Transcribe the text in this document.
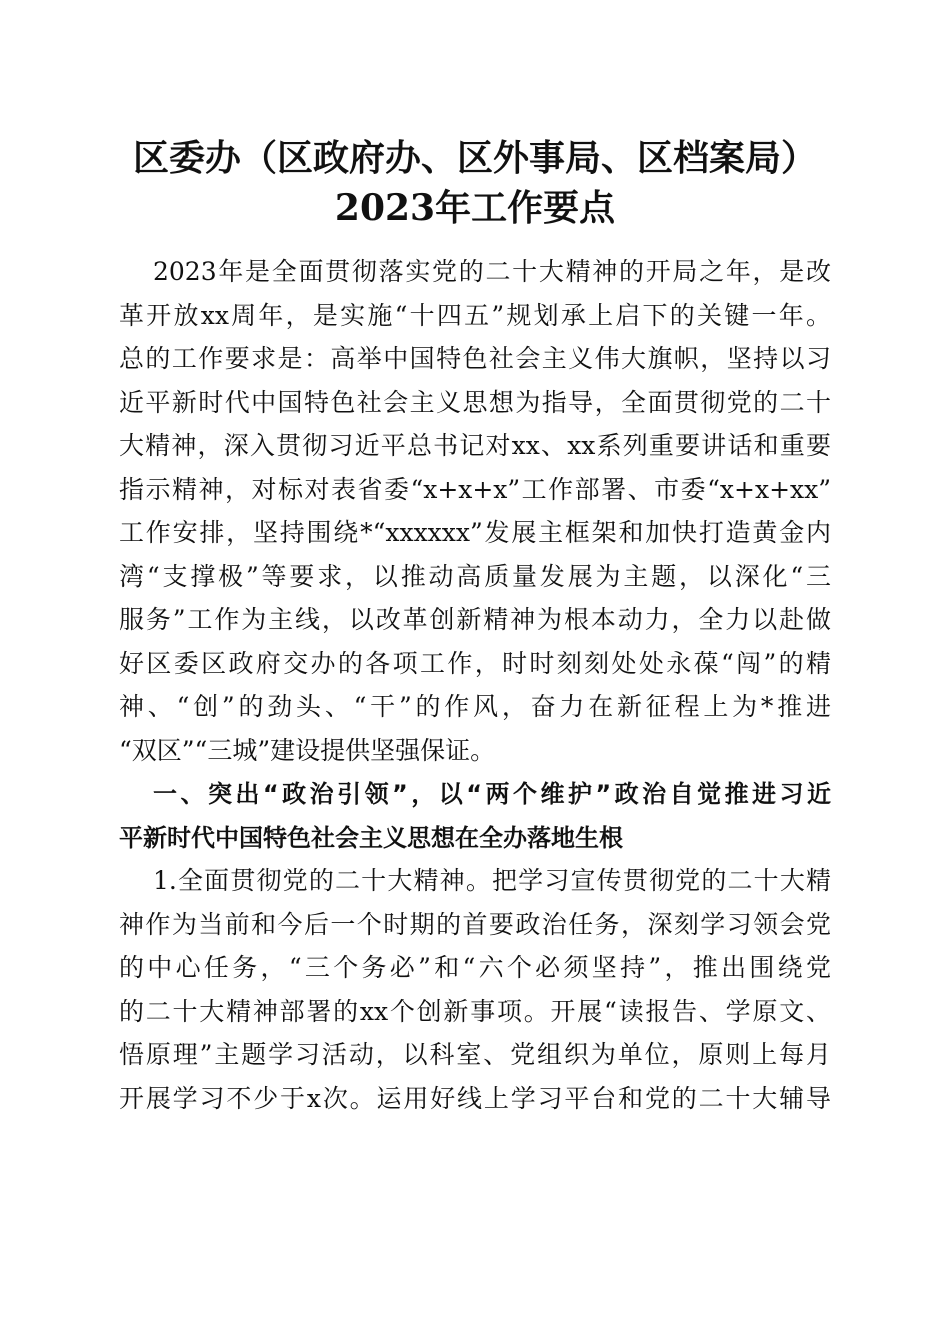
区委办（区政府办、区外事局、区档案局）
2023年工作要点
2023年是全面贯彻落实党的二十大精神的开局之年，是改
革开放xx周年，是实施“十四五”规划承上启下的关键一年。
总的工作要求是：高举中国特色社会主义伟大旗帜，坚持以习
近平新时代中国特色社会主义思想为指导，全面贯彻党的二十
大精神，深入贯彻习近平总书记对xx、xx系列重要讲话和重要
指示精神，对标对表省委“x+x+x”工作部署、市委“x+x+xx”
工作安排，坚持围绕*“xxxxxx”发展主框架和加快打造黄金内
湾“支撑极”等要求，以推动高质量发展为主题，以深化“三
服务”工作为主线，以改革创新精神为根本动力，全力以赴做
好区委区政府交办的各项工作，时时刻刻处处永葆“闯”的精
神、“创”的劲头、“干”的作风，奋力在新征程上为*推进
“双区”“三城”建设提供坚强保证。
一、突出“政治引领”，以“两个维护”政治自觉推进习近
平新时代中国特色社会主义思想在全办落地生根
1.全面贯彻党的二十大精神。把学习宣传贯彻党的二十大精
神作为当前和今后一个时期的首要政治任务，深刻学习领会党
的中心任务，“三个务必”和“六个必须坚持”，推出围绕党
的二十大精神部署的xx个创新事项。开展“读报告、学原文、
悟原理”主题学习活动，以科室、党组织为单位，原则上每月
开展学习不少于x次。运用好线上学习平台和党的二十大辅导
